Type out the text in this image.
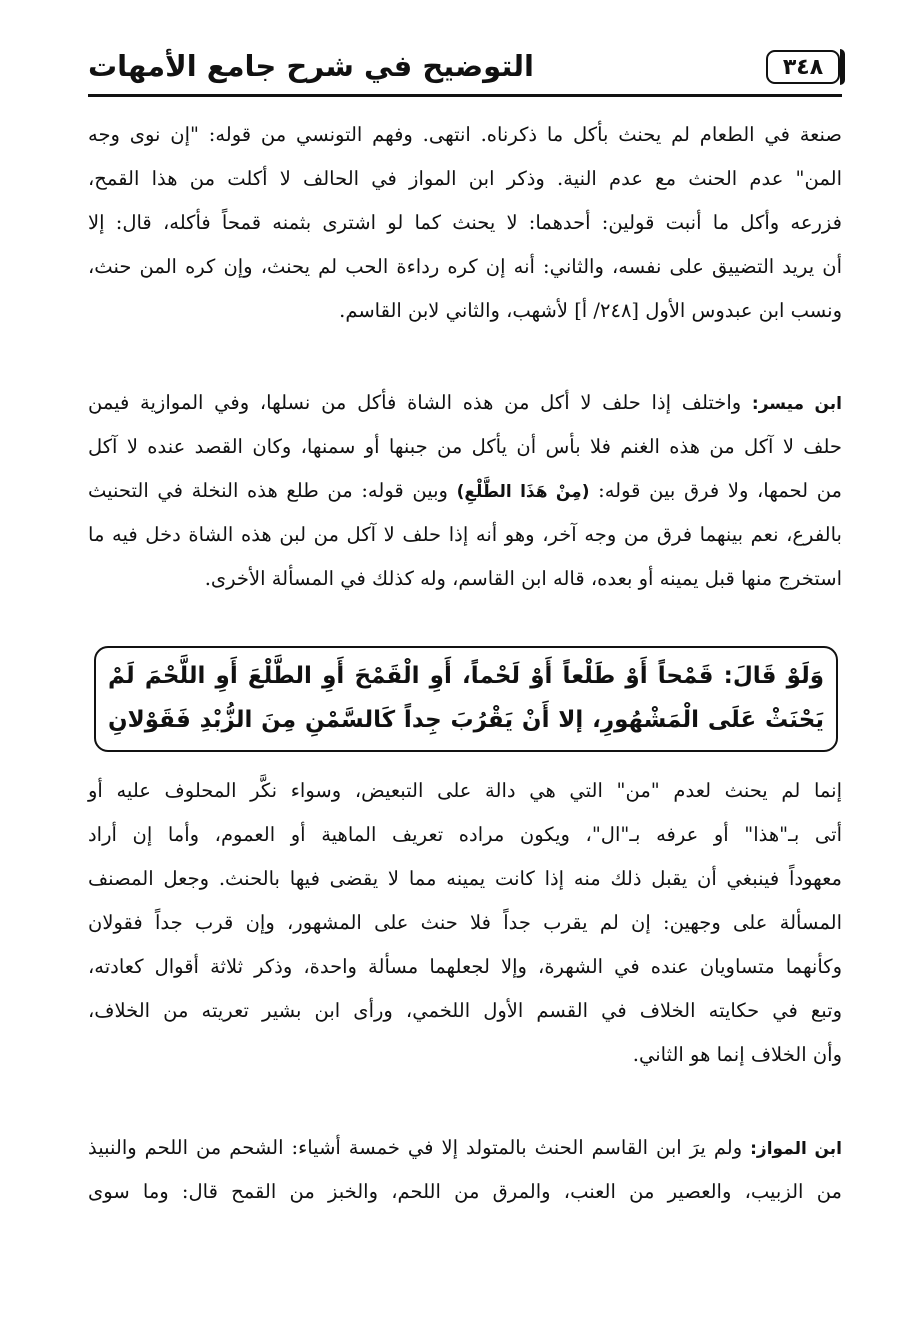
التوضيح في شرح جامع الأمهات	٣٤٨
صنعة في الطعام لم يحنث بأكل ما ذكرناه. انتهى. وفهم التونسي من قوله: "إن نوى وجه
المن" عدم الحنث مع عدم النية. وذكر ابن المواز في الحالف لا أكلت من هذا القمح،
فزرعه وأكل ما أنبت قولين: أحدهما: لا يحنث كما لو اشترى بثمنه قمحاً فأكله، قال: إلا
أن يريد التضييق على نفسه، والثاني: أنه إن كره رداءة الحب لم يحنث، وإن كره المن حنث،
ونسب ابن عبدوس الأول [٢٤٨/ أ] لأشهب، والثاني لابن القاسم.
ابن ميسر: واختلف إذا حلف لا أكل من هذه الشاة فأكل من نسلها، وفي الموازية فيمن
حلف لا آكل من هذه الغنم فلا بأس أن يأكل من جبنها أو سمنها، وكان القصد عنده لا آكل
من لحمها، ولا فرق بين قوله: (مِنْ هَذَا الطَّلْعِ) وبين قوله: من طلع هذه النخلة في التحنيث
بالفرع، نعم بينهما فرق من وجه آخر، وهو أنه إذا حلف لا آكل من لبن هذه الشاة دخل فيه ما
استخرج منها قبل يمينه أو بعده، قاله ابن القاسم، وله كذلك في المسألة الأخرى.
وَلَوْ قَالَ: قَمْحاً أَوْ طَلْعاً أَوْ لَحْماً، أَوِ الْقَمْحَ أَوِ الطَّلْعَ أَوِ اللَّحْمَ لَمْ
يَحْنَثْ عَلَى الْمَشْهُورِ، إلا أَنْ يَقْرُبَ جِداً كَالسَّمْنِ مِنَ الزُّبْدِ فَقَوْلانِ
إنما لم يحنث لعدم "من" التي هي دالة على التبعيض، وسواء نكَّر المحلوف عليه أو
أتى بـ"هذا" أو عرفه بـ"ال"، ويكون مراده تعريف الماهية أو العموم، وأما إن أراد
معهوداً فينبغي أن يقبل ذلك منه إذا كانت يمينه مما لا يقضى فيها بالحنث. وجعل المصنف
المسألة على وجهين: إن لم يقرب جداً فلا حنث على المشهور، وإن قرب جداً فقولان
وكأنهما متساويان عنده في الشهرة، وإلا لجعلهما مسألة واحدة، وذكر ثلاثة أقوال كعادته،
وتبع في حكايته الخلاف في القسم الأول اللخمي، ورأى ابن بشير تعريته من الخلاف،
وأن الخلاف إنما هو الثاني.
ابن المواز: ولم يرَ ابن القاسم الحنث بالمتولد إلا في خمسة أشياء: الشحم من اللحم والنبيذ
من الزبيب، والعصير من العنب، والمرق من اللحم، والخبز من القمح قال: وما سوى
